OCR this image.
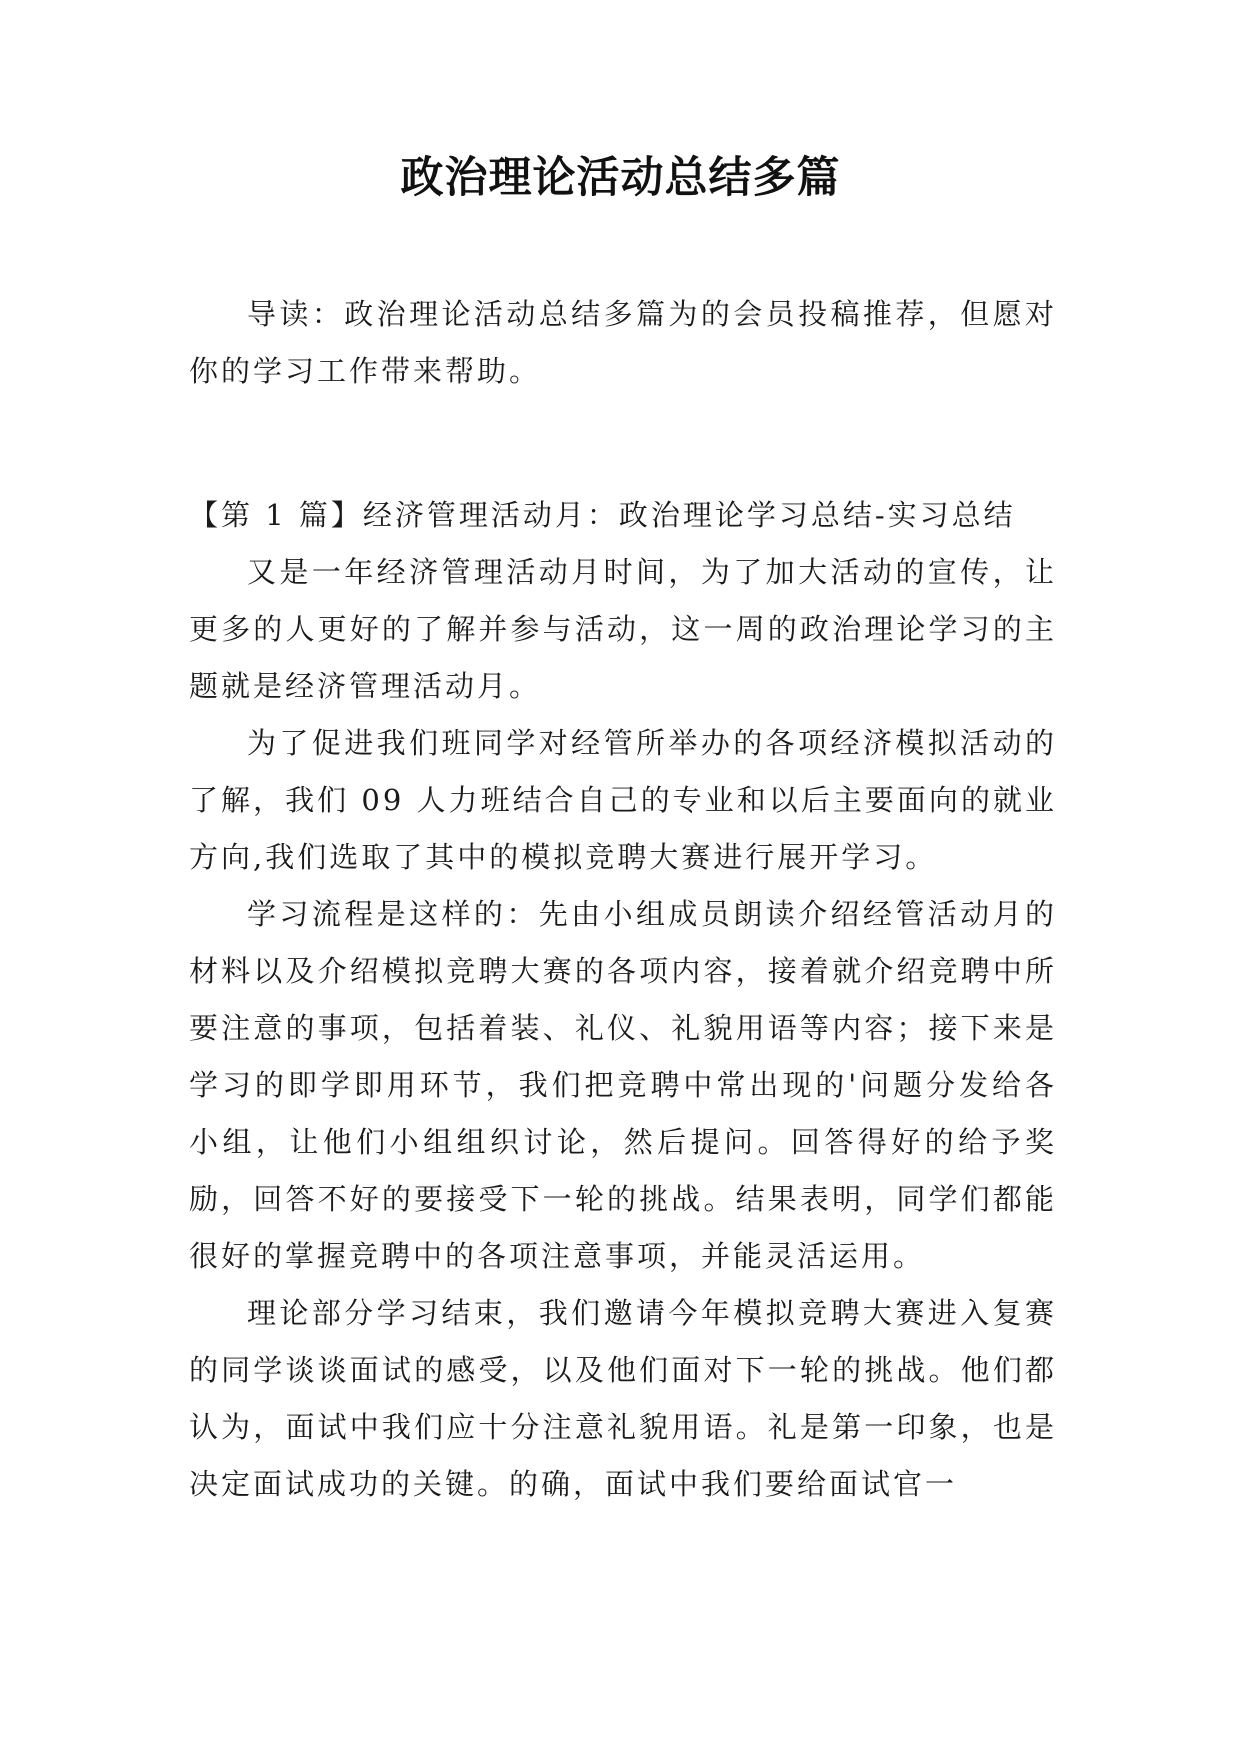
政治理论活动总结多篇

导读：政治理论活动总结多篇为的会员投稿推荐，但愿对你的学习工作带来帮助。

【第 1 篇】经济管理活动月：政治理论学习总结-实习总结

又是一年经济管理活动月时间，为了加大活动的宣传，让更多的人更好的了解并参与活动，这一周的政治理论学习的主题就是经济管理活动月。

为了促进我们班同学对经管所举办的各项经济模拟活动的了解，我们 09 人力班结合自己的专业和以后主要面向的就业方向,我们选取了其中的模拟竞聘大赛进行展开学习。

学习流程是这样的：先由小组成员朗读介绍经管活动月的材料以及介绍模拟竞聘大赛的各项内容，接着就介绍竞聘中所要注意的事项，包括着装、礼仪、礼貌用语等内容；接下来是学习的即学即用环节，我们把竞聘中常出现的'问题分发给各小组，让他们小组组织讨论，然后提问。回答得好的给予奖励，回答不好的要接受下一轮的挑战。结果表明，同学们都能很好的掌握竞聘中的各项注意事项，并能灵活运用。

理论部分学习结束，我们邀请今年模拟竞聘大赛进入复赛的同学谈谈面试的感受，以及他们面对下一轮的挑战。他们都认为，面试中我们应十分注意礼貌用语。礼是第一印象，也是决定面试成功的关键。的确，面试中我们要给面试官一
